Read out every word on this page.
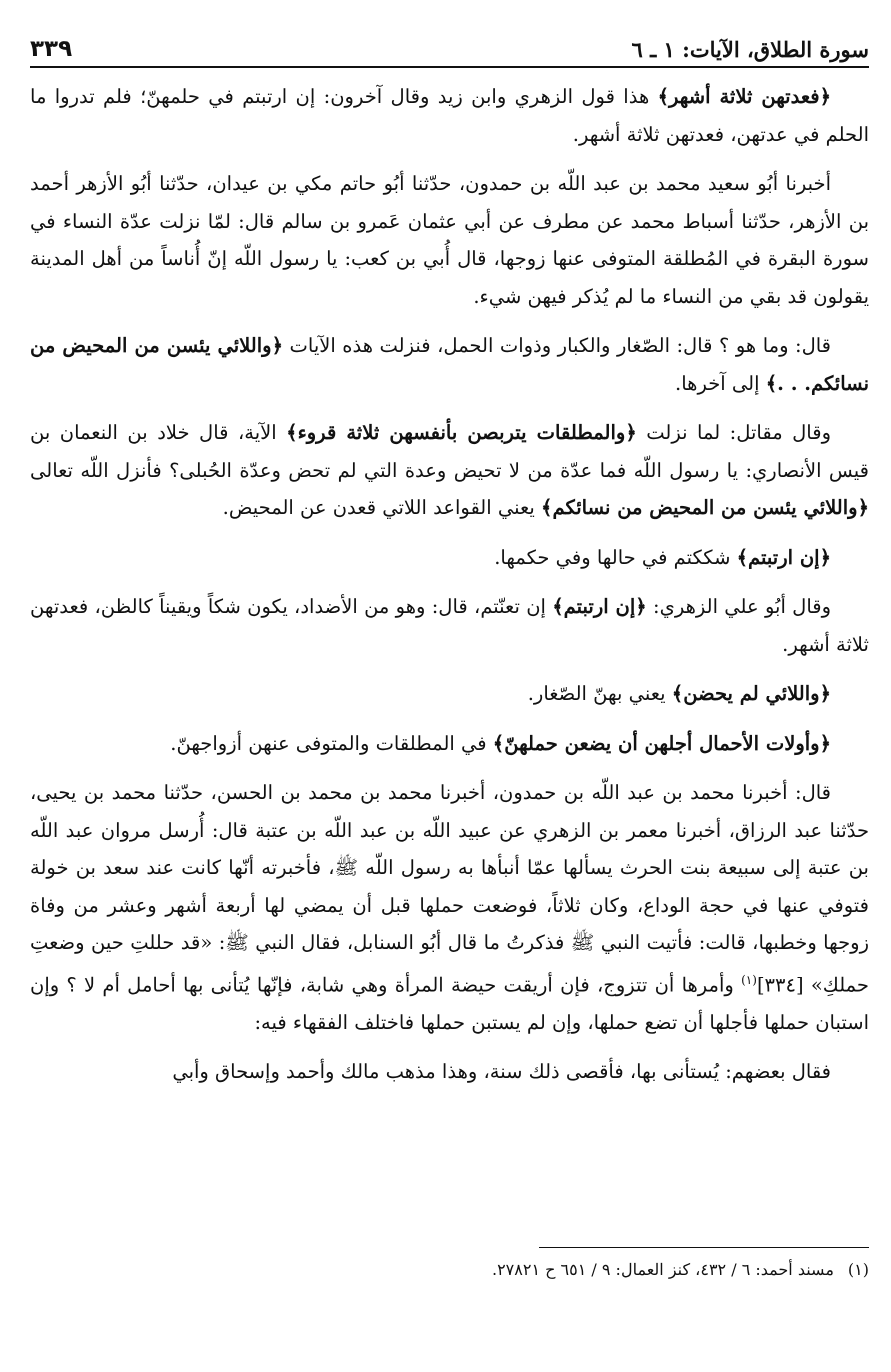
سورة الطلاق، الآيات: ١ ـ ٦
٣٣٩

﴿فعدتهن ثلاثة أشهر﴾ هذا قول الزهري وابن زيد وقال آخرون: إن ارتبتم في حلمهنّ؛ فلم تدروا ما الحلم في عدتهن، فعدتهن ثلاثة أشهر.

أخبرنا أبُو سعيد محمد بن عبد اللّه بن حمدون، حدّثنا أبُو حاتم مكي بن عيدان، حدّثنا أبُو الأزهر أحمد بن الأزهر، حدّثنا أسباط محمد عن مطرف عن أبي عثمان عَمرو بن سالم قال: لمّا نزلت عدّة النساء في سورة البقرة في المُطلقة المتوفى عنها زوجها، قال أُبي بن كعب: يا رسول اللّه إنّ أُناساً من أهل المدينة يقولون قد بقي من النساء ما لم يُذكر فيهن شيء.

قال: وما هو ؟ قال: الصّغار والكبار وذوات الحمل، فنزلت هذه الآيات ﴿واللائي يئسن من المحيض من نسائكم. . .﴾ إلى آخرها.

وقال مقاتل: لما نزلت ﴿والمطلقات يتربصن بأنفسهن ثلاثة قروء﴾ الآية، قال خلاد بن النعمان بن قيس الأنصاري: يا رسول اللّه فما عدّة من لا تحيض وعدة التي لم تحض وعدّة الحُبلى؟ فأنزل اللّه تعالى ﴿واللائي يئسن من المحيض من نسائكم﴾ يعني القواعد اللاتي قعدن عن المحيض.

﴿إن ارتبتم﴾ شككتم في حالها وفي حكمها.

وقال أبُو علي الزهري: ﴿إن ارتبتم﴾ إن تعنّتم، قال: وهو من الأضداد، يكون شكاً ويقيناً كالظن، فعدتهن ثلاثة أشهر.

﴿واللائي لم يحضن﴾ يعني بهنّ الصّغار.

﴿وأولات الأحمال أجلهن أن يضعن حملهنّ﴾ في المطلقات والمتوفى عنهن أزواجهنّ.

قال: أخبرنا محمد بن عبد اللّه بن حمدون، أخبرنا محمد بن محمد بن الحسن، حدّثنا محمد بن يحيى، حدّثنا عبد الرزاق، أخبرنا معمر بن الزهري عن عبيد اللّه بن عبد اللّه بن عتبة قال: أُرسل مروان عبد اللّه بن عتبة إلى سبيعة بنت الحرث يسألها عمّا أنبأها به رسول اللّه ﷺ، فأخبرته أنّها كانت عند سعد بن خولة فتوفي عنها في حجة الوداع، وكان ثلاثاً، فوضعت حملها قبل أن يمضي لها أربعة أشهر وعشر من وفاة زوجها وخطبها، قالت: فأتيت النبي ﷺ فذكرتُ ما قال أبُو السنابل، فقال النبي ﷺ: «قد حللتِ حين وضعتِ حملكِ» [٣٣٤]$^{(١)}$ وأمرها أن تتزوج، فإن أريقت حيضة المرأة وهي شابة، فإنّها يُتأنى بها أحامل أم لا ؟ وإن استبان حملها فأجلها أن تضع حملها، وإن لم يستبن حملها فاختلف الفقهاء فيه:

فقال بعضهم: يُستأنى بها، فأقصى ذلك سنة، وهذا مذهب مالك وأحمد وإسحاق وأبي

(١)مسند أحمد: ٦ / ٤٣٢، كنز العمال: ٩ / ٦٥١ ح ٢٧٨٢١.
